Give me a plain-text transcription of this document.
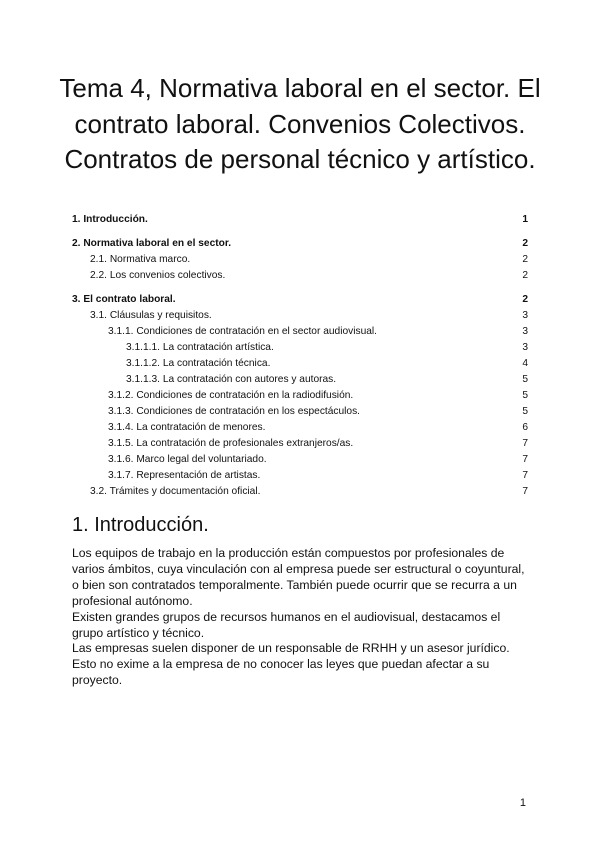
Tema 4, Normativa laboral en el sector. El contrato laboral. Convenios Colectivos. Contratos de personal técnico y artístico.
1. Introducción.	1
2. Normativa laboral en el sector.	2
2.1. Normativa marco.	2
2.2. Los convenios colectivos.	2
3. El contrato laboral.	2
3.1. Cláusulas y requisitos.	3
3.1.1. Condiciones de contratación en el sector audiovisual.	3
3.1.1.1. La contratación artística.	3
3.1.1.2. La contratación técnica.	4
3.1.1.3. La contratación con autores y autoras.	5
3.1.2. Condiciones de contratación en la radiodifusión.	5
3.1.3. Condiciones de contratación en los espectáculos.	5
3.1.4. La contratación de menores.	6
3.1.5. La contratación de profesionales extranjeros/as.	7
3.1.6. Marco legal del voluntariado.	7
3.1.7. Representación de artistas.	7
3.2. Trámites y documentación oficial.	7
1. Introducción.

Los equipos de trabajo en la producción están compuestos por profesionales de varios ámbitos, cuya vinculación con al empresa puede ser estructural o coyuntural, o bien son contratados temporalmente. También puede ocurrir que se recurra a un profesional autónomo.

Existen grandes grupos de recursos humanos en el audiovisual, destacamos el grupo artístico y técnico.

Las empresas suelen disponer de un responsable de RRHH y un asesor jurídico. Esto no exime a la empresa de no conocer las leyes que puedan afectar a su proyecto.

1
